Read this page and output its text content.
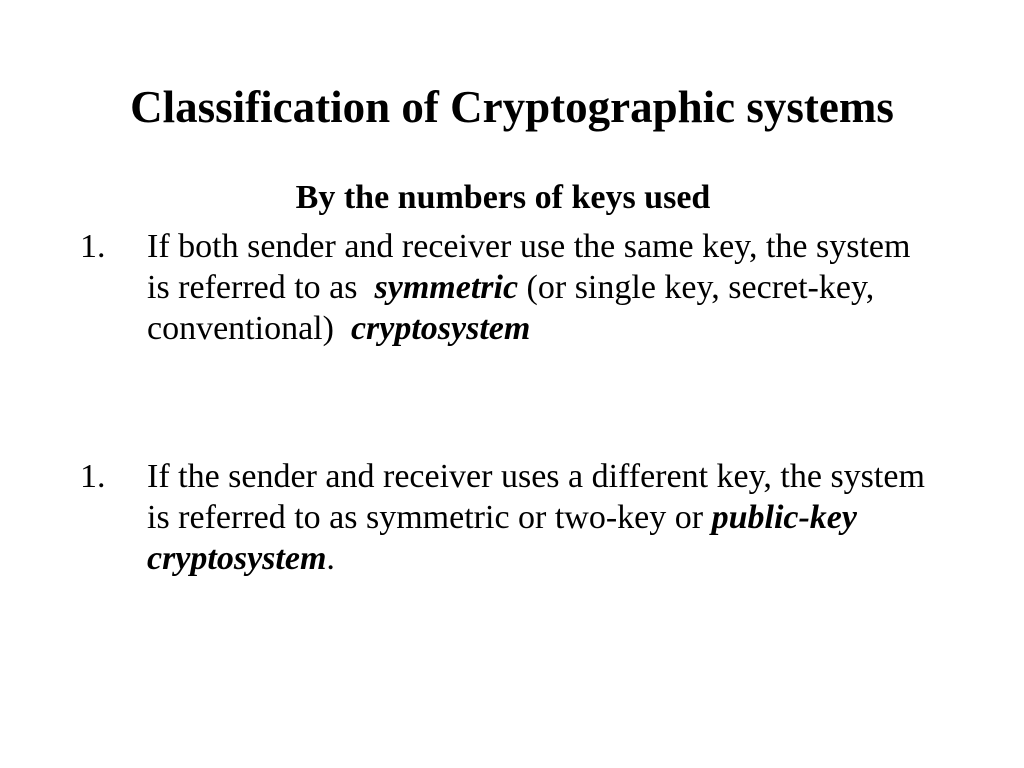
Classification of Cryptographic systems
By the numbers of keys used
1. If both sender and receiver use the same key, the system
is referred to as  symmetric (or single key, secret-key,
conventional)  cryptosystem
1. If the sender and receiver uses a different key, the system
is referred to as symmetric or two-key or public-key
cryptosystem.
